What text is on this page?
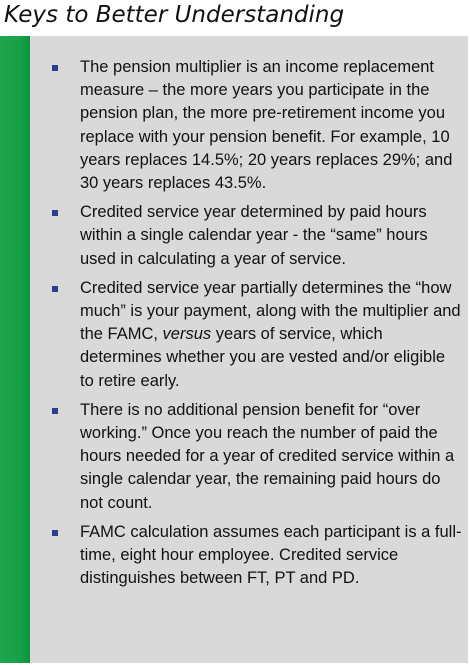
Keys to Better Understanding
The pension multiplier is an income replacement measure – the more years you participate in the pension plan, the more pre-retirement income you replace with your pension benefit. For example, 10 years replaces 14.5%; 20 years replaces 29%; and 30 years replaces 43.5%.
Credited service year determined by paid hours within a single calendar year - the “same” hours used in calculating a year of service.
Credited service year partially determines the “how much” is your payment, along with the multiplier and the FAMC, versus years of service, which determines whether you are vested and/or eligible to retire early.
There is no additional pension benefit for “over working.” Once you reach the number of paid the hours needed for a year of credited service within a single calendar year, the remaining paid hours do not count.
FAMC calculation assumes each participant is a full-time, eight hour employee. Credited service distinguishes between FT, PT and PD.
